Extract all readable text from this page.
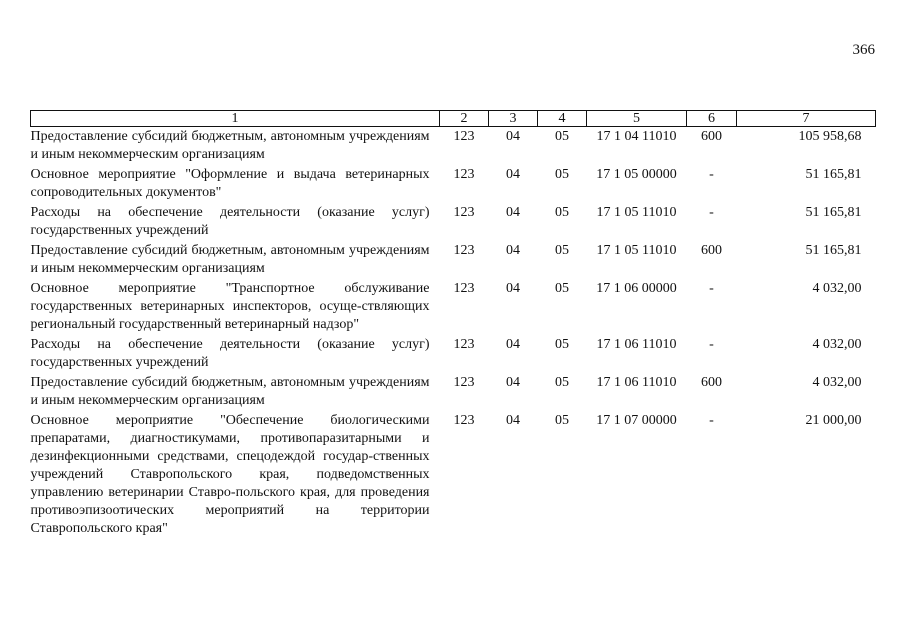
366
1	2	3	4	5	6	7
Предоставление субсидий бюджетным, автономным учреждениям и иным некоммерческим организациям	123	04	05	17 1 04 11010	600	105 958,68
Основное мероприятие "Оформление и выдача ветеринарных сопроводительных документов"	123	04	05	17 1 05 00000	-	51 165,81
Расходы на обеспечение деятельности (оказание услуг) государственных учреждений	123	04	05	17 1 05 11010	-	51 165,81
Предоставление субсидий бюджетным, автономным учреждениям и иным некоммерческим организациям	123	04	05	17 1 05 11010	600	51 165,81
Основное мероприятие "Транспортное обслуживание государственных ветеринарных инспекторов, осуще-ствляющих региональный государственный ветеринарный надзор"	123	04	05	17 1 06 00000	-	4 032,00
Расходы на обеспечение деятельности (оказание услуг) государственных учреждений	123	04	05	17 1 06 11010	-	4 032,00
Предоставление субсидий бюджетным, автономным учреждениям и иным некоммерческим организациям	123	04	05	17 1 06 11010	600	4 032,00
Основное мероприятие "Обеспечение биологическими препаратами, диагностикумами, противопаразитарными и дезинфекционными средствами, спецодеждой государ-ственных учреждений Ставропольского края, подведомственных управлению ветеринарии Ставро-польского края, для проведения противоэпизоотических мероприятий на территории Ставропольского края"	123	04	05	17 1 07 00000	-	21 000,00
